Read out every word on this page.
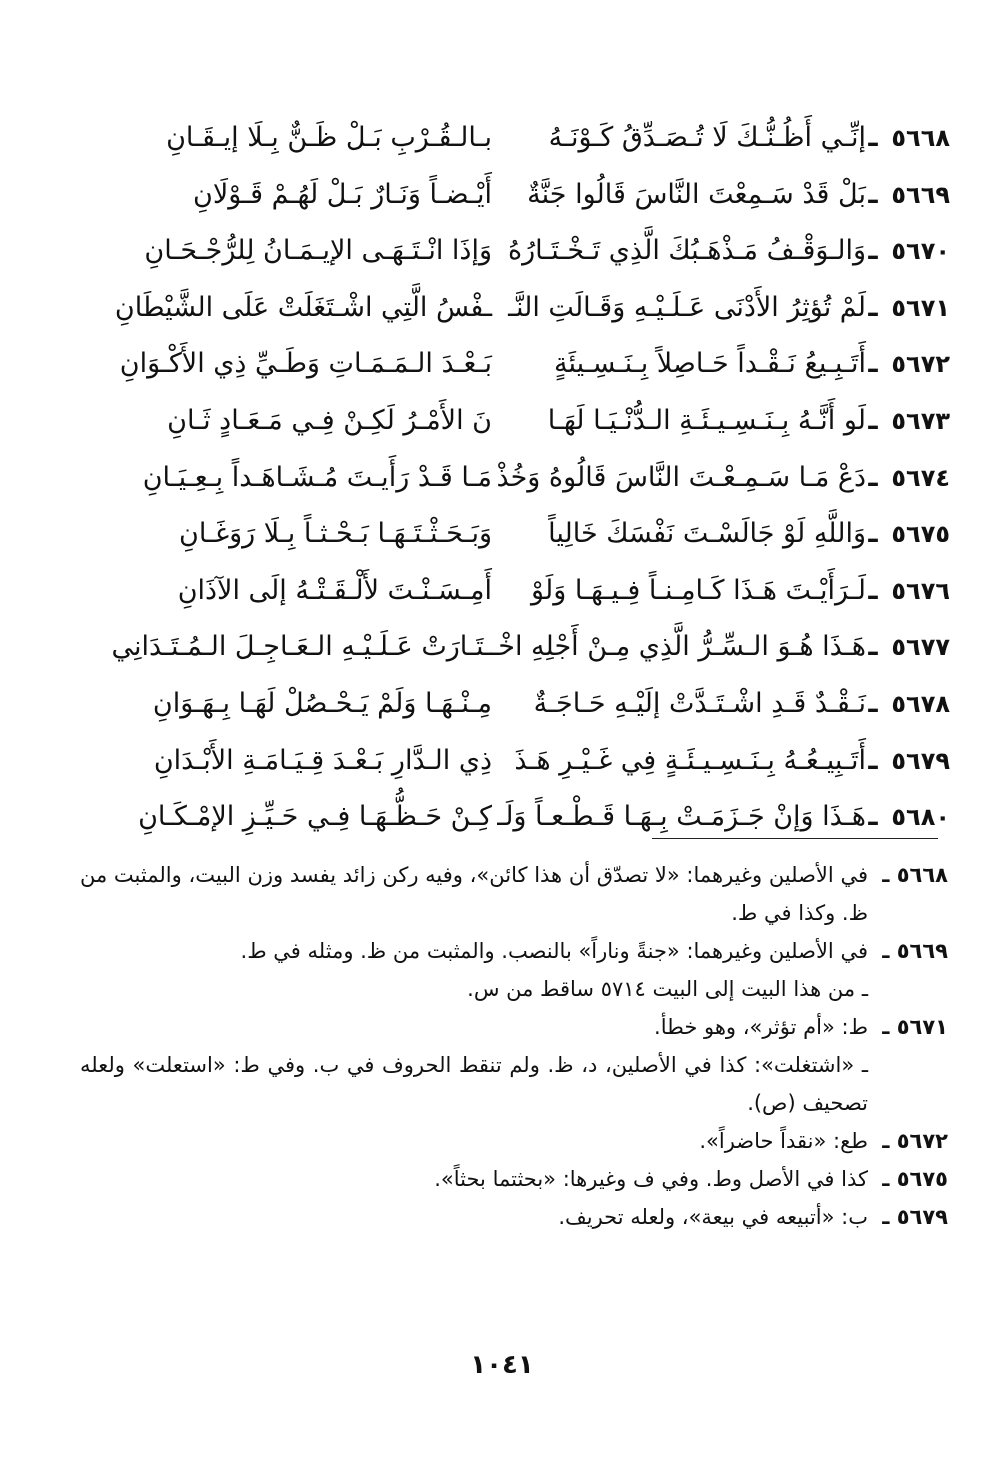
٥٦٦٨
ـ
إنِّـي أَظُـنُّـكَ لَا تُـصَـدِّقُ كَـوْنَـهُ
بـالـقُـرْبِ بَـلْ ظَـنٌّ بِـلَا إيـقَـانِ
٥٦٦٩
ـ
بَلْ قَدْ سَـمِعْتَ النَّاسَ قَالُوا جَنَّةٌ
أَيْـضـاً وَنَـارٌ بَـلْ لَهُـمْ قَـوْلَانِ
٥٦٧٠
ـ
وَالـوَقْـفُ مَـذْهَـبُكَ الَّذِي تَـخْـتَـارُهُ
وَإذَا انْـتَـهَـى الإيـمَـانُ لِلرُّجْـحَـانِ
٥٦٧١
ـ
لَمْ تُؤثِرُ الأَدْنَى عَـلَـيْـهِ وَقَـالَتِ النَّـ
ـفْسُ الَّتِي اشْـتَغَلَتْ عَلَى الشَّيْطَانِ
٥٦٧٢
ـ
أَتَـبِـيعُ نَـقْـداً حَـاصِلاً بِـنَـسِـيئَةٍ
بَـعْـدَ الـمَـمَـاتِ وَطَـيِّ ذِي الأَكْـوَانِ
٥٦٧٣
ـ
لَو أَنَّـهُ بِـنَـسِـيـئَـةِ الـدُّنْـيَـا لَهَـا
نَ الأَمْـرُ لَكِـنْ فِـي مَـعَـادٍ ثَـانِ
٥٦٧٤
ـ
دَعْ مَـا سَـمِـعْـتَ النَّاسَ قَالُوهُ وَخُذْ
مَـا قَـدْ رَأَيـتَ مُـشَـاهَـداً بِـعِـيَـانِ
٥٦٧٥
ـ
وَاللَّهِ لَوْ جَالَسْـتَ نَفْسَكَ خَالِياً
وَبَـحَـثْـتَـهَـا بَـحْـثـاً بِـلَا رَوَغَـانِ
٥٦٧٦
ـ
لَـرَأَيْـتَ هَـذَا كَـامِـنـاً فِـيـهَـا وَلَوْ
أَمِـسَـنْـتَ لأَلْـقَـتْـهُ إلَى الآذَانِ
٥٦٧٧
ـ
هَـذَا هُـوَ الـسِّـرُّ الَّذِي مِـنْ أَجْلِهِ اخْـ
ـتَـارَتْ عَـلَـيْـهِ الـعَـاجِـلَ الـمُـتَـدَانِي
٥٦٧٨
ـ
نَـقْـدٌ قَـدِ اشْـتَـدَّتْ إلَيْـهِ حَـاجَـةٌ
مِـنْـهَـا وَلَمْ يَـحْـصُلْ لَهَـا بِـهَـوَانِ
٥٦٧٩
ـ
أَتَـبِيـعُـهُ بِـنَـسِـيـئَـةٍ فِي غَـيْـرِ هَـذَ
ذِي الـدَّارِ بَـعْـدَ قِـيَـامَـةِ الأَبْـدَانِ
٥٦٨٠
ـ
هَـذَا وَإنْ جَـزَمَـتْ بِـهَـا قَـطْـعـاً وَلَـ
كِـنْ حَـظُّـهَـا فِـي حَـيِّـزِ الإمْـكَـانِ
٥٦٦٨ ـ
في الأصلين وغيرهما: «لا تصدّق أن هذا كائن»، وفيه ركن زائد يفسد وزن البيت، والمثبت من ظ. وكذا في ط.
٥٦٦٩ ـ
في الأصلين وغيرهما: «جنةً وناراً» بالنصب. والمثبت من ظ. ومثله في ط.
ـ من هذا البيت إلى البيت ٥٧١٤ ساقط من س.
٥٦٧١ ـ
ط: «أم تؤثر»، وهو خطأ.
ـ «اشتغلت»: كذا في الأصلين، د، ظ. ولم تنقط الحروف في ب. وفي ط: «استعلت» ولعله تصحيف (ص).
٥٦٧٢ ـ
طع: «نقداً حاضراً».
٥٦٧٥ ـ
كذا في الأصل وط. وفي ف وغيرها: «بحثتما بحثاً».
٥٦٧٩ ـ
ب: «أتبيعه في بيعة»، ولعله تحريف.
١٠٤١
